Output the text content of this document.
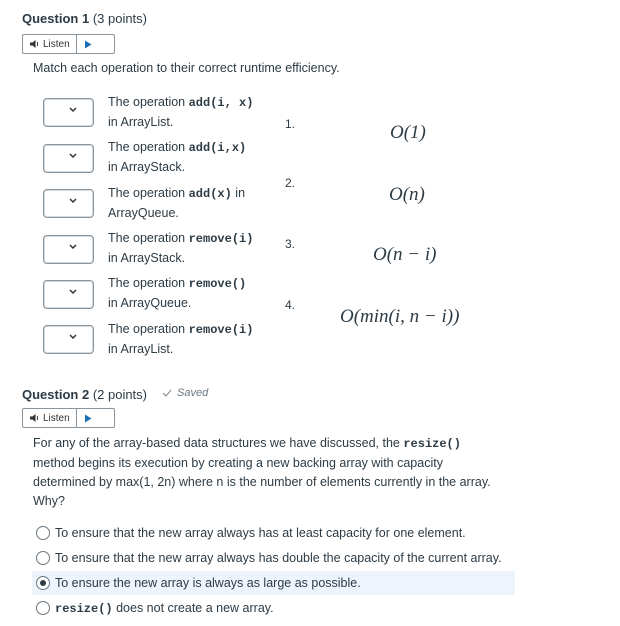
Question 1 (3 points)
Listen
Match each operation to their correct runtime efficiency.
The operation add(i, x)
in ArrayList.
The operation add(i,x)
in ArrayStack.
The operation add(x) in
ArrayQueue.
The operation remove(i)
in ArrayStack.
The operation remove()
in ArrayQueue.
The operation remove(i)
in ArrayList.
1.
2.
3.
4.
O(1)
O(n)
O(n − i)
O(min(i, n − i))
Question 2 (2 points)	Saved
Listen
For any of the array-based data structures we have discussed, the resize()
method begins its execution by creating a new backing array with capacity
determined by max(1, 2n) where n is the number of elements currently in the array.
Why?
To ensure that the new array always has at least capacity for one element.
To ensure that the new array always has double the capacity of the current array.
To ensure the new array is always as large as possible.
resize() does not create a new array.
